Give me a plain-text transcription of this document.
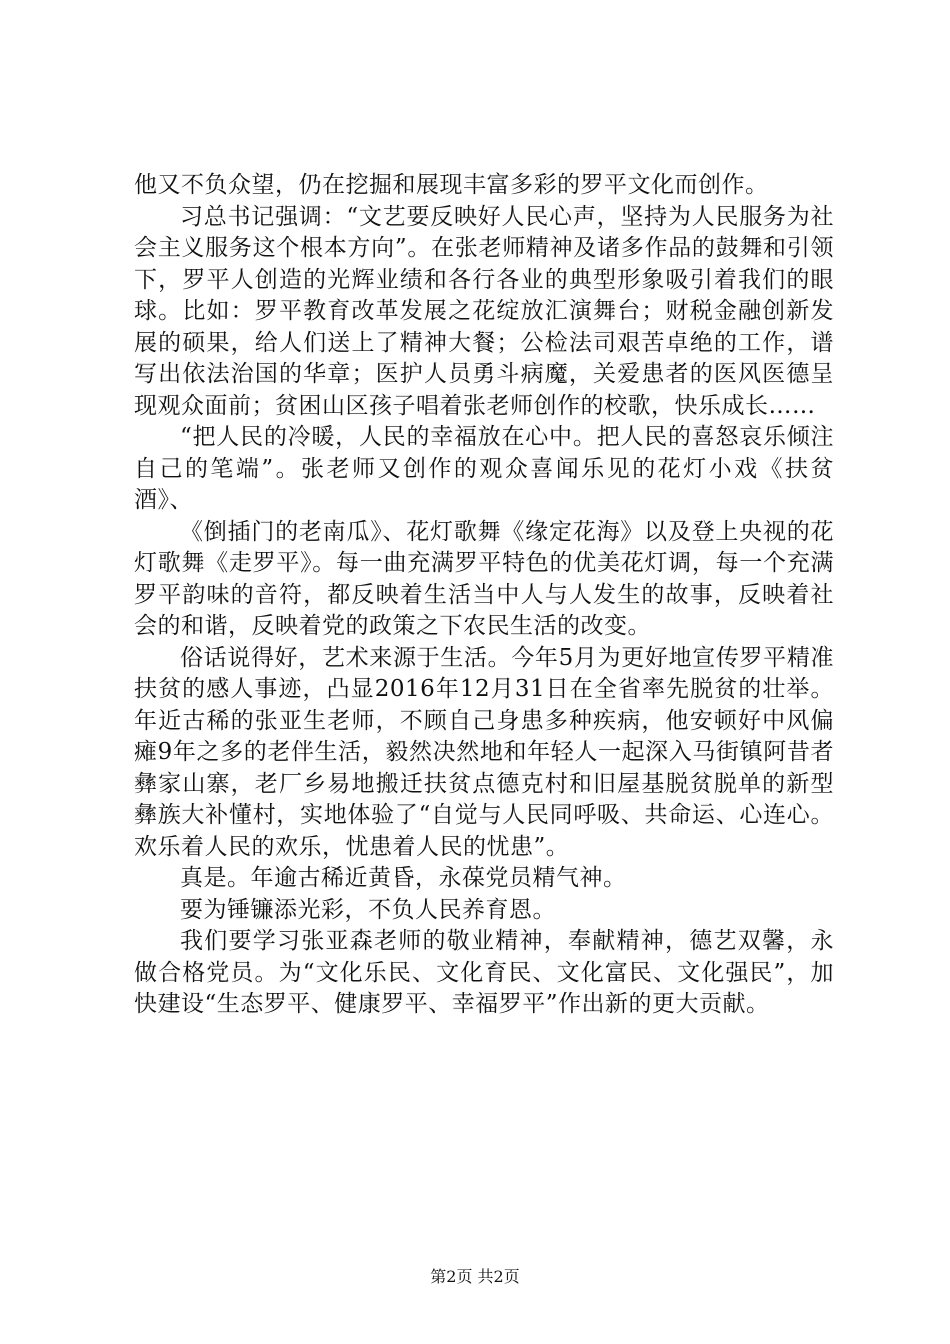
他又不负众望，仍在挖掘和展现丰富多彩的罗平文化而创作。

习总书记强调：“文艺要反映好人民心声，坚持为人民服务为社会主义服务这个根本方向”。在张老师精神及诸多作品的鼓舞和引领下，罗平人创造的光辉业绩和各行各业的典型形象吸引着我们的眼球。比如：罗平教育改革发展之花绽放汇演舞台；财税金融创新发展的硕果，给人们送上了精神大餐；公检法司艰苦卓绝的工作，谱写出依法治国的华章；医护人员勇斗病魔，关爱患者的医风医德呈现观众面前；贫困山区孩子唱着张老师创作的校歌，快乐成长……

“把人民的冷暖，人民的幸福放在心中。把人民的喜怒哀乐倾注自己的笔端”。张老师又创作的观众喜闻乐见的花灯小戏《扶贫酒》、

《倒插门的老南瓜》、花灯歌舞《缘定花海》以及登上央视的花灯歌舞《走罗平》。每一曲充满罗平特色的优美花灯调，每一个充满罗平韵味的音符，都反映着生活当中人与人发生的故事，反映着社会的和谐，反映着党的政策之下农民生活的改变。

俗话说得好，艺术来源于生活。今年5月为更好地宣传罗平精准扶贫的感人事迹，凸显2016年12月31日在全省率先脱贫的壮举。年近古稀的张亚生老师，不顾自己身患多种疾病，他安顿好中风偏瘫9年之多的老伴生活，毅然决然地和年轻人一起深入马街镇阿昔者彝家山寨，老厂乡易地搬迁扶贫点德克村和旧屋基脱贫脱单的新型彝族大补懂村，实地体验了“自觉与人民同呼吸、共命运、心连心。欢乐着人民的欢乐，忧患着人民的忧患”。

真是。年逾古稀近黄昏，永葆党员精气神。

要为锤镰添光彩，不负人民养育恩。

我们要学习张亚森老师的敬业精神，奉献精神，德艺双馨，永做合格党员。为“文化乐民、文化育民、文化富民、文化强民”，加快建设“生态罗平、健康罗平、幸福罗平”作出新的更大贡献。

第2页 共2页
